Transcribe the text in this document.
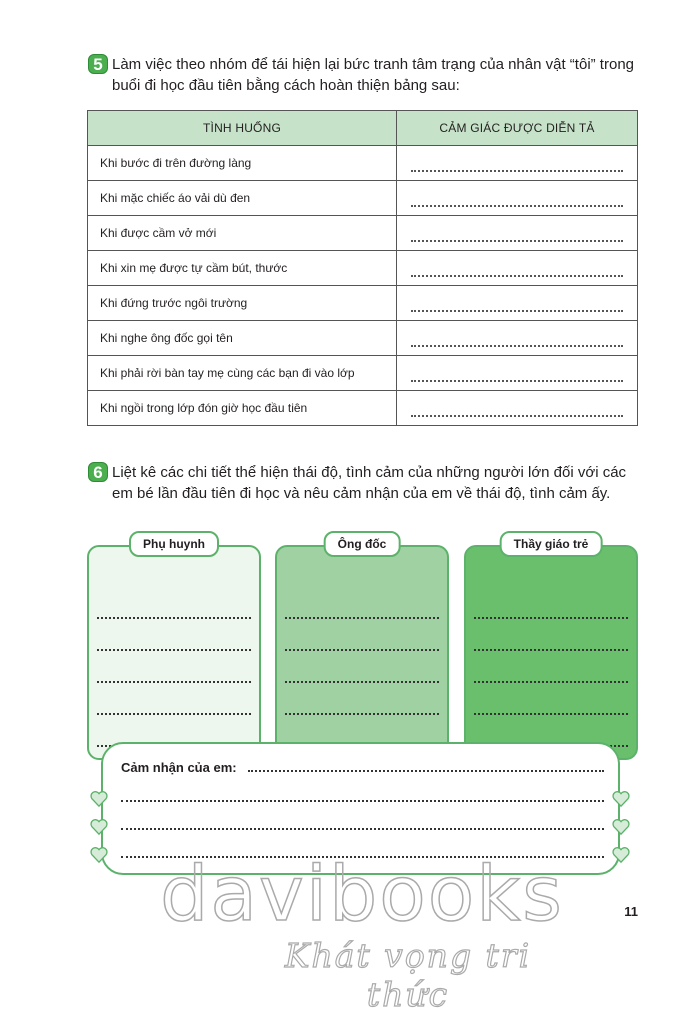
5 Làm việc theo nhóm để tái hiện lại bức tranh tâm trạng của nhân vật “tôi” trong buổi đi học đầu tiên bằng cách hoàn thiện bảng sau:

TÌNH HUỐNG	CẢM GIÁC ĐƯỢC DIỄN TẢ
Khi bước đi trên đường làng	

Khi mặc chiếc áo vải dù đen	

Khi được cầm vở mới	

Khi xin mẹ được tự cầm bút, thước	

Khi đứng trước ngôi trường	

Khi nghe ông đốc gọi tên	

Khi phải rời bàn tay mẹ cùng các bạn đi vào lớp	

Khi ngồi trong lớp đón giờ học đầu tiên	
6 Liệt kê các chi tiết thể hiện thái độ, tình cảm của những người lớn đối với các em bé lần đầu tiên đi học và nêu cảm nhận của em về thái độ, tình cảm ấy.

Phụ huynh	Ông đốc	Thầy giáo trẻ
Cảm nhận của em:
davibooks
Khát vọng tri thức
11
